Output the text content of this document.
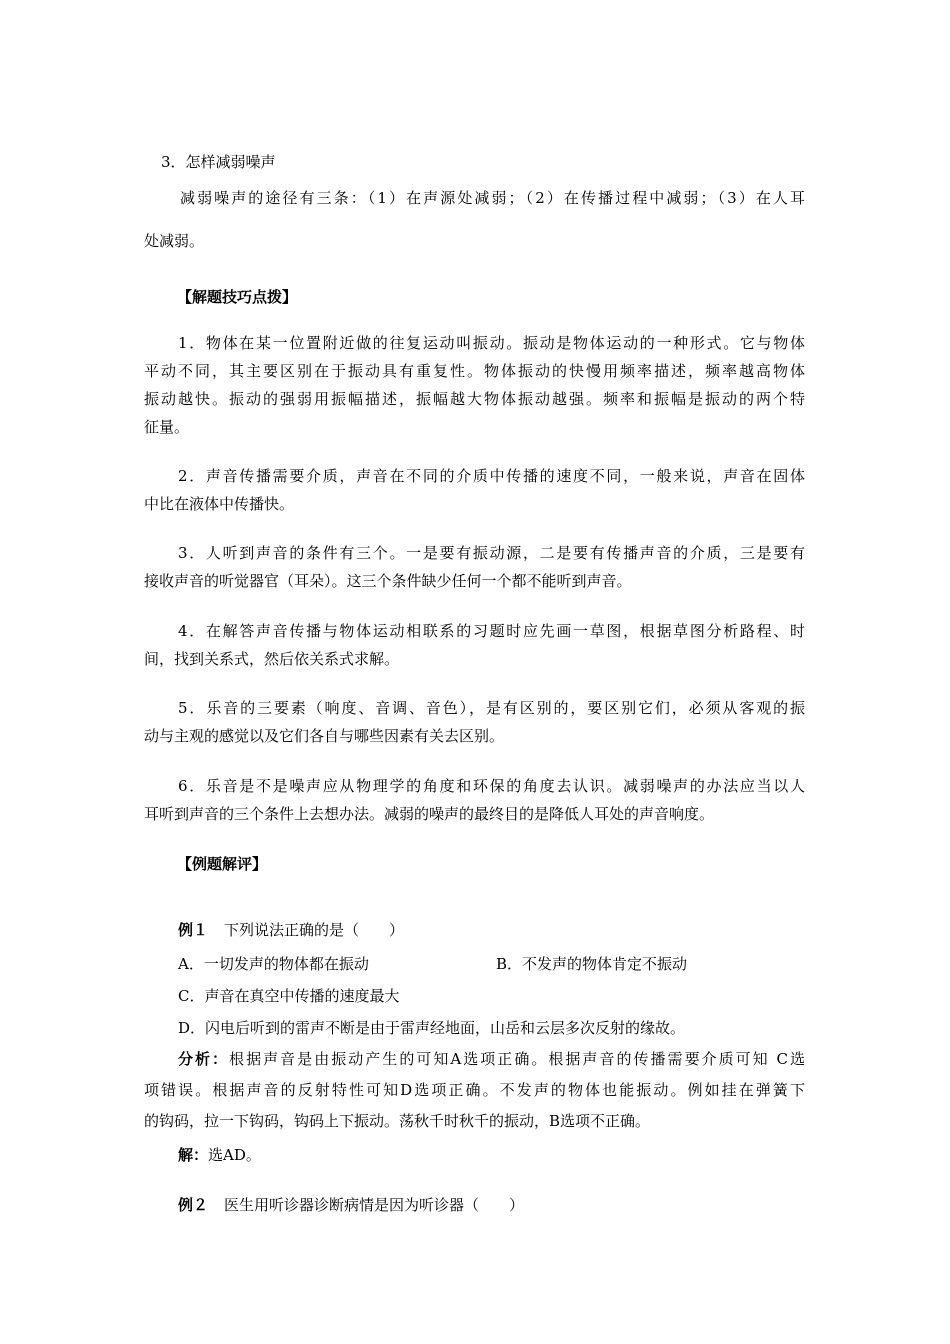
3．怎样减弱噪声
减弱噪声的途径有三条：（1）在声源处减弱；（2）在传播过程中减弱；（3）在人耳
处减弱。
【解题技巧点拨】
1．物体在某一位置附近做的往复运动叫振动。振动是物体运动的一种形式。它与物体
平动不同，其主要区别在于振动具有重复性。物体振动的快慢用频率描述，频率越高物体
振动越快。振动的强弱用振幅描述，振幅越大物体振动越强。频率和振幅是振动的两个特
征量。
2．声音传播需要介质，声音在不同的介质中传播的速度不同，一般来说，声音在固体
中比在液体中传播快。
3．人听到声音的条件有三个。一是要有振动源，二是要有传播声音的介质，三是要有
接收声音的听觉器官（耳朵）。这三个条件缺少任何一个都不能听到声音。
4．在解答声音传播与物体运动相联系的习题时应先画一草图，根据草图分析路程、时
间，找到关系式，然后依关系式求解。
5．乐音的三要素（响度、音调、音色），是有区别的，要区别它们，必须从客观的振
动与主观的感觉以及它们各自与哪些因素有关去区别。
6．乐音是不是噪声应从物理学的角度和环保的角度去认识。减弱噪声的办法应当以人
耳听到声音的三个条件上去想办法。减弱的噪声的最终目的是降低人耳处的声音响度。
【例题解评】
例１ 下列说法正确的是（　　）
A．一切发声的物体都在振动	B．不发声的物体肯定不振动
C．声音在真空中传播的速度最大
D．闪电后听到的雷声不断是由于雷声经地面，山岳和云层多次反射的缘故。
分析：根据声音是由振动产生的可知A选项正确。根据声音的传播需要介质可知 C选
项错误。根据声音的反射特性可知D选项正确。不发声的物体也能振动。例如挂在弹簧下
的钩码，拉一下钩码，钩码上下振动。荡秋千时秋千的振动，B选项不正确。
解：选AD。
例２ 医生用听诊器诊断病情是因为听诊器（　　）
